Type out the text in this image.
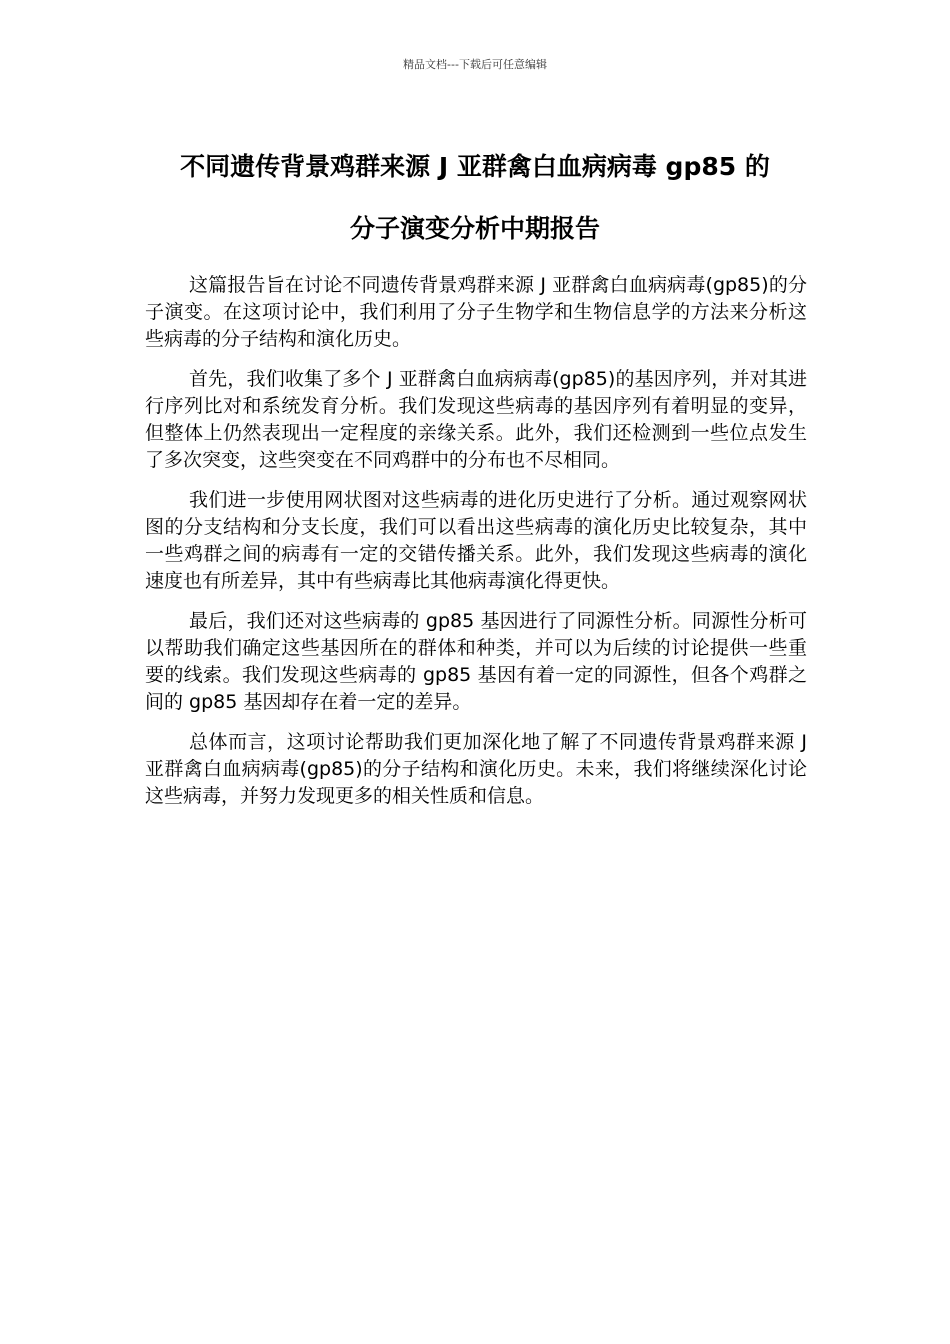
精品文档---下载后可任意编辑
不同遗传背景鸡群来源 J 亚群禽白血病病毒 gp85 的
分子演变分析中期报告

这篇报告旨在讨论不同遗传背景鸡群来源 J 亚群禽白血病病毒(gp85)的分子演变。在这项讨论中，我们利用了分子生物学和生物信息学的方法来分析这些病毒的分子结构和演化历史。

首先，我们收集了多个 J 亚群禽白血病病毒(gp85)的基因序列，并对其进行序列比对和系统发育分析。我们发现这些病毒的基因序列有着明显的变异，但整体上仍然表现出一定程度的亲缘关系。此外，我们还检测到一些位点发生了多次突变，这些突变在不同鸡群中的分布也不尽相同。

我们进一步使用网状图对这些病毒的进化历史进行了分析。通过观察网状图的分支结构和分支长度，我们可以看出这些病毒的演化历史比较复杂，其中一些鸡群之间的病毒有一定的交错传播关系。此外，我们发现这些病毒的演化速度也有所差异，其中有些病毒比其他病毒演化得更快。

最后，我们还对这些病毒的 gp85 基因进行了同源性分析。同源性分析可以帮助我们确定这些基因所在的群体和种类，并可以为后续的讨论提供一些重要的线索。我们发现这些病毒的 gp85 基因有着一定的同源性，但各个鸡群之间的 gp85 基因却存在着一定的差异。

总体而言，这项讨论帮助我们更加深化地了解了不同遗传背景鸡群来源 J 亚群禽白血病病毒(gp85)的分子结构和演化历史。未来，我们将继续深化讨论这些病毒，并努力发现更多的相关性质和信息。
